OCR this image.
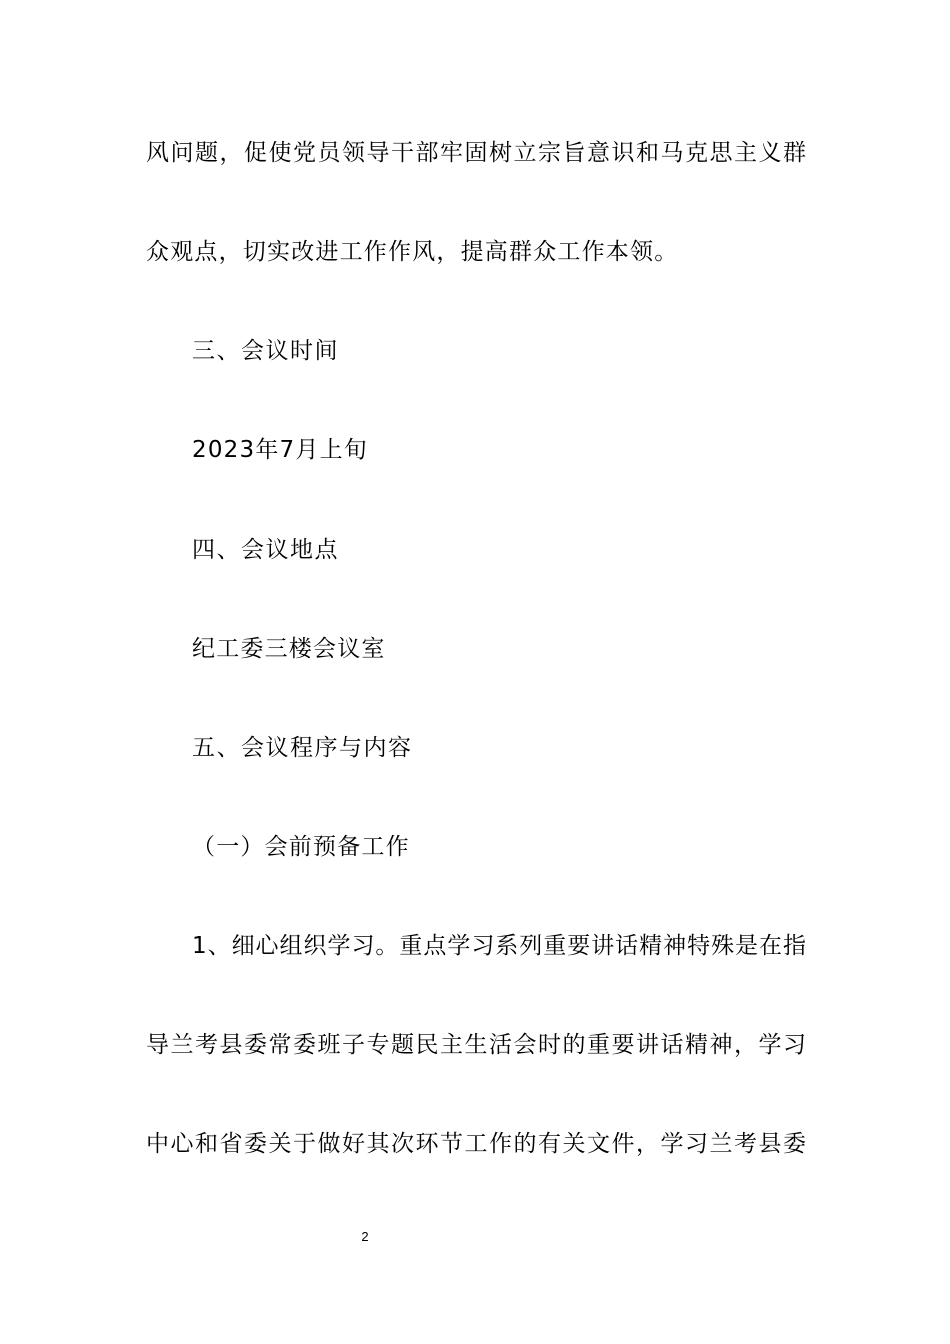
风问题，促使党员领导干部牢固树立宗旨意识和马克思主义群
众观点，切实改进工作作风，提高群众工作本领。
三、会议时间
2023年7月上旬
四、会议地点
纪工委三楼会议室
五、会议程序与内容
（一）会前预备工作
1、细心组织学习。重点学习系列重要讲话精神特殊是在指
导兰考县委常委班子专题民主生活会时的重要讲话精神，学习
中心和省委关于做好其次环节工作的有关文件，学习兰考县委
2
